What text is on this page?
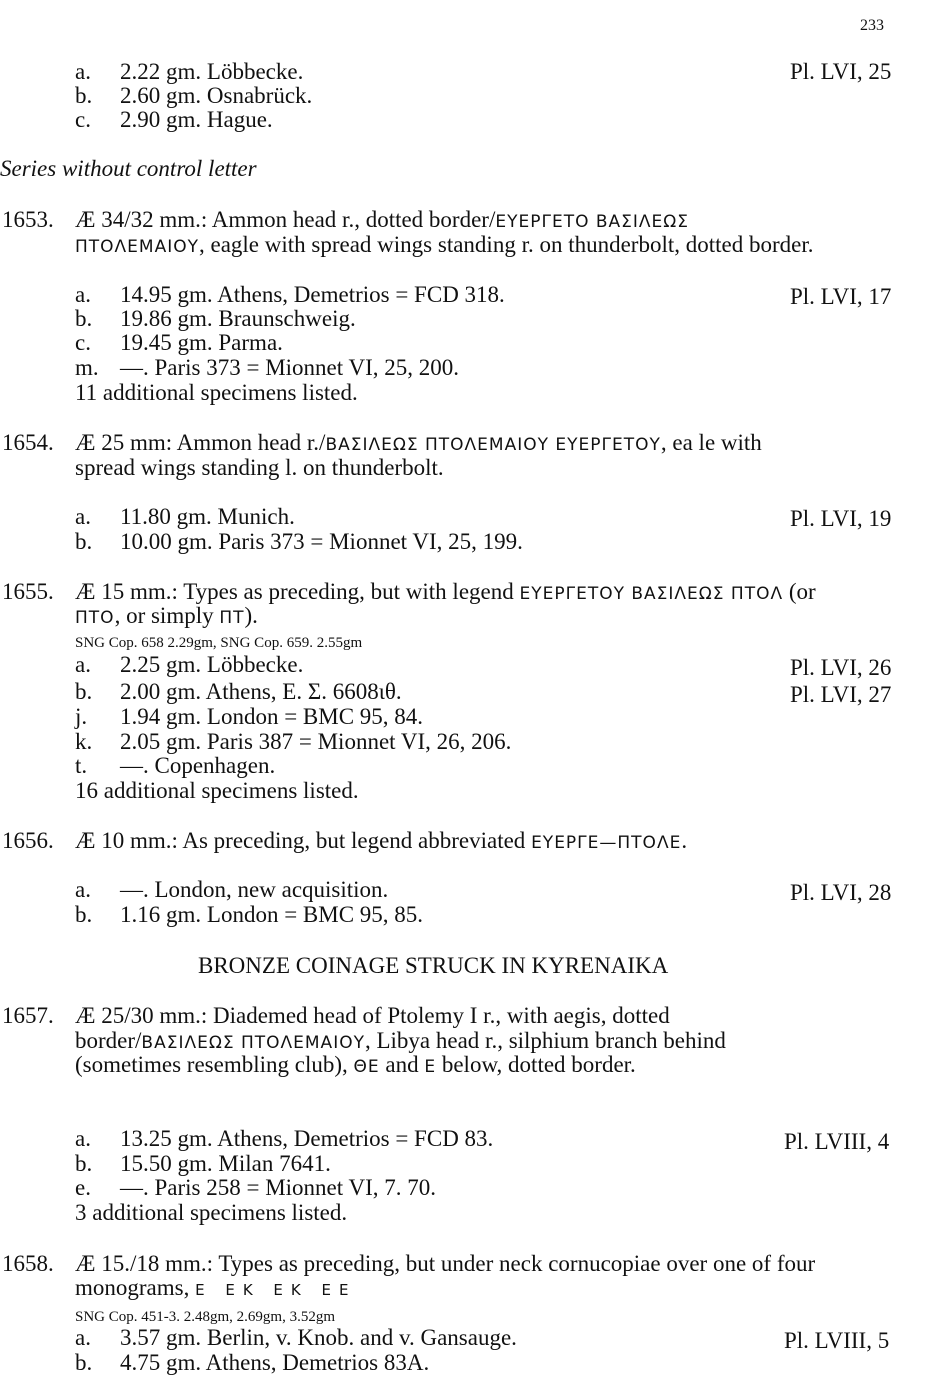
233
a. 2.22 gm. Löbbecke.	Pl. LVI, 25
b. 2.60 gm. Osnabrück.
c. 2.90 gm. Hague.
Series without control letter
1653. Æ 34/32 mm.: Ammon head r., dotted border/ΕΥΕΡΓΕΤΟ ΒΑΣΙΛΕΩΣ
ΠΤΟΛΕΜΑΙΟΥ, eagle with spread wings standing r. on thunderbolt, dotted border.
a. 14.95 gm. Athens, Demetrios = FCD 318.	Pl. LVI, 17
b. 19.86 gm. Braunschweig.
c. 19.45 gm. Parma.
m. —. Paris 373 = Mionnet VI, 25, 200.
11 additional specimens listed.
1654. Æ 25 mm: Ammon head r./ΒΑΣΙΛΕΩΣ ΠΤΟΛΕΜΑΙΟΥ ΕΥΕΡΓΕΤΟΥ, ea le with
spread wings standing l. on thunderbolt.
a. 11.80 gm. Munich.	Pl. LVI, 19
b. 10.00 gm. Paris 373 = Mionnet VI, 25, 199.
1655. Æ 15 mm.: Types as preceding, but with legend ΕΥΕΡΓΕΤΟΥ ΒΑΣΙΛΕΩΣ ΠΤΟΛ (or
ΠΤΟ, or simply ΠΤ).
SNG Cop. 658 2.29gm, SNG Cop. 659. 2.55gm
a. 2.25 gm. Löbbecke.	Pl. LVI, 26
b. 2.00 gm. Athens, Ε. Σ. 6608ιθ.	Pl. LVI, 27
j. 1.94 gm. London = BMC 95, 84.
k. 2.05 gm. Paris 387 = Mionnet VI, 26, 206.
t. —. Copenhagen.
16 additional specimens listed.
1656. Æ 10 mm.: As preceding, but legend abbreviated ΕΥΕΡΓΕ—ΠΤΟΛΕ.
a. —. London, new acquisition.	Pl. LVI, 28
b. 1.16 gm. London = BMC 95, 85.
BRONZE COINAGE STRUCK IN KYRENAIKA
1657. Æ 25/30 mm.: Diademed head of Ptolemy I r., with aegis, dotted
border/ΒΑΣΙΛΕΩΣ ΠΤΟΛΕΜΑΙΟΥ, Libya head r., silphium branch behind
(sometimes resembling club), ΘΕ and Ε below, dotted border.
a. 13.25 gm. Athens, Demetrios = FCD 83.	Pl. LVIII, 4
b. 15.50 gm. Milan 7641.
e. —. Paris 258 = Mionnet VI, 7. 70.
3 additional specimens listed.
1658. Æ 15./18 mm.: Types as preceding, but under neck cornucopiae over one of four
monograms, Ε ΕΚ ΕΚ ΕΕ
SNG Cop. 451-3. 2.48gm, 2.69gm, 3.52gm
a. 3.57 gm. Berlin, v. Knob. and v. Gansauge.	Pl. LVIII, 5
b. 4.75 gm. Athens, Demetrios 83A.
